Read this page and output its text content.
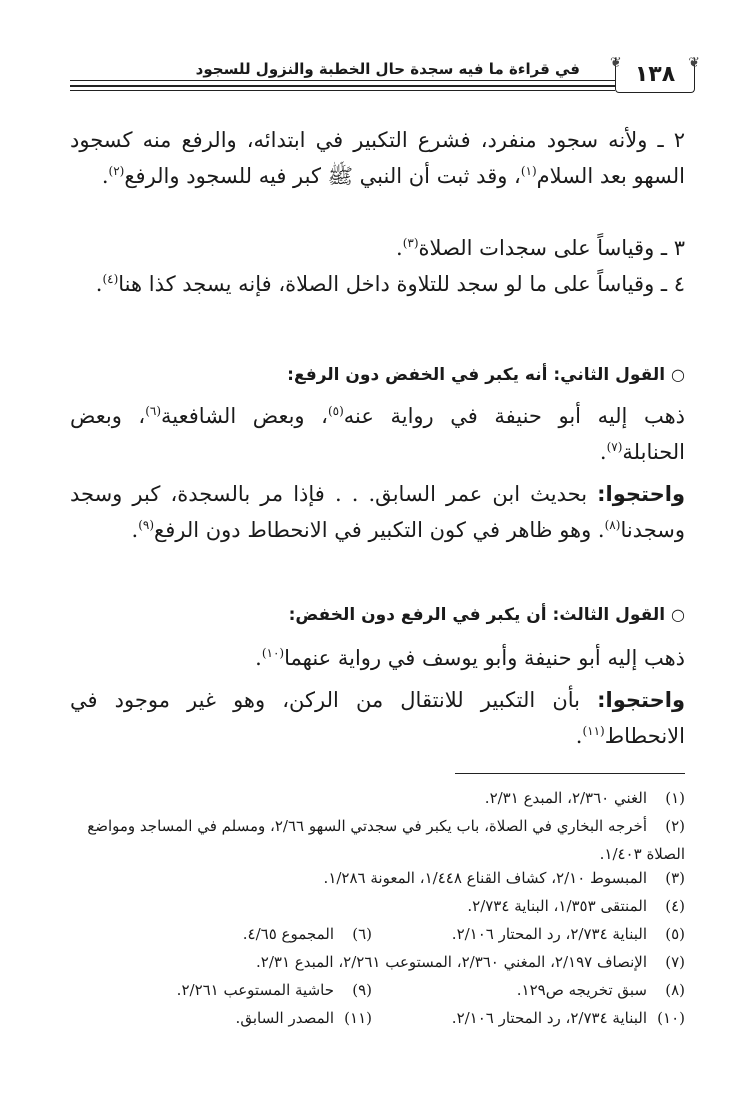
❦ ١٣٨ ❦
في قراءة ما فيه سجدة حال الخطبة والنزول للسجود
٢ ـ ولأنه سجود منفرد، فشرع التكبير في ابتدائه، والرفع منه كسجود السهو بعد السلام$^{(١)}$، وقد ثبت أن النبي ﷺ كبر فيه للسجود والرفع$^{(٢)}$.
٣ ـ وقياساً على سجدات الصلاة$^{(٣)}$.
٤ ـ وقياساً على ما لو سجد للتلاوة داخل الصلاة، فإنه يسجد كذا هنا$^{(٤)}$.
○القول الثاني: أنه يكبر في الخفض دون الرفع:
ذهب إليه أبو حنيفة في رواية عنه$^{(٥)}$، وبعض الشافعية$^{(٦)}$، وبعض الحنابلة$^{(٧)}$.
واحتجوا: بحديث ابن عمر السابق. . . فإذا مر بالسجدة، كبر وسجد وسجدنا$^{(٨)}$. وهو ظاهر في كون التكبير في الانحطاط دون الرفع$^{(٩)}$.
○القول الثالث: أن يكبر في الرفع دون الخفض:
ذهب إليه أبو حنيفة وأبو يوسف في رواية عنهما$^{(١٠)}$.
واحتجوا: بأن التكبير للانتقال من الركن، وهو غير موجود في الانحطاط$^{(١١)}$.
(١)الغني ٢/٣٦٠، المبدع ٢/٣١.
(٢)أخرجه البخاري في الصلاة، باب يكبر في سجدتي السهو ٢/٦٦، ومسلم في المساجد ومواضع الصلاة ١/٤٠٣.
(٣)المبسوط ٢/١٠، كشاف القناع ١/٤٤٨، المعونة ١/٢٨٦.
(٤)المنتقى ١/٣٥٣، البناية ٢/٧٣٤.
(٥)البناية ٢/٧٣٤، رد المحتار ٢/١٠٦.(٦)المجموع ٤/٦٥.
(٧)الإنصاف ٢/١٩٧، المغني ٢/٣٦٠، المستوعب ٢/٢٦١، المبدع ٢/٣١.
(٨)سبق تخريجه ص١٢٩.(٩)حاشية المستوعب ٢/٢٦١.
(١٠)البناية ٢/٧٣٤، رد المحتار ٢/١٠٦.(١١)المصدر السابق.
